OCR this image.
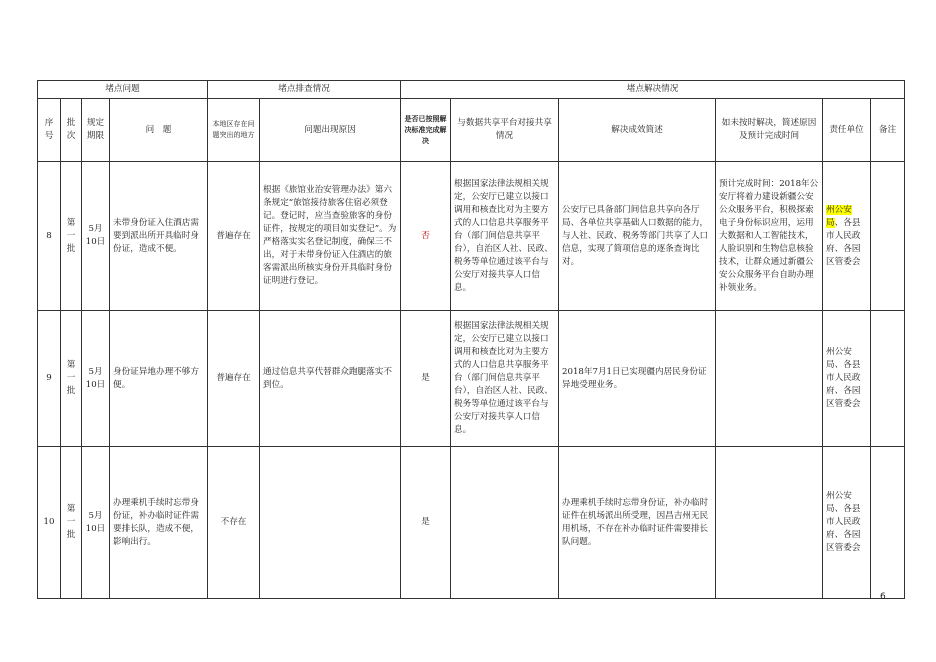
堵点问题				堵点排查情况		堵点解决情况					
序号	批次	规定期限	问　题	本地区存在问题突出的地方	问题出现原因	是否已按照解决标准完成解决	与数据共享平台对接共享情况	解决成效简述	如未按时解决，简述原因及预计完成时间	责任单位	备注
8	第一批	5月10日	未带身份证入住酒店需要到派出所开具临时身份证，造成不便。	普遍存在	根据《旅馆业治安管理办法》第六条规定“旅馆接待旅客住宿必须登记。登记时，应当查验旅客的身份证件，按规定的项目如实登记”。为严格落实实名登记制度，确保三不出，对于未带身份证入住酒店的旅客需派出所核实身份开具临时身份证明进行登记。	否	根据国家法律法规相关规定，公安厅已建立以接口调用和核查比对为主要方式的人口信息共享服务平台（部门间信息共享平台），自治区人社、民政、税务等单位通过该平台与公安厅对接共享人口信息。	公安厅已具备部门间信息共享向各厅局、各单位共享基础人口数据的能力，与人社、民政、税务等部门共享了人口信息，实现了简项信息的逐条查询比对。	预计完成时间：2018年公安厅将着力建设新疆公安公众服务平台，积极探索电子身份标识应用，运用大数据和人工智能技术，人脸识别和生物信息核验技术，让群众通过新疆公安公众服务平台自助办理补领业务。	州公安局、各县市人民政府、各园区管委会	
9	第一批	5月10日	身份证异地办理不够方便。	普遍存在	通过信息共享代替群众跑腿落实不到位。	是	根据国家法律法规相关规定，公安厅已建立以接口调用和核查比对为主要方式的人口信息共享服务平台（部门间信息共享平台），自治区人社、民政、税务等单位通过该平台与公安厅对接共享人口信息。	2018年7月1日已实现疆内居民身份证异地受理业务。		州公安局、各县市人民政府、各园区管委会	
10	第一批	5月10日	办理乘机手续时忘带身份证，补办临时证件需要排长队，造成不便，影响出行。	不存在		是		办理乘机手续时忘带身份证，补办临时证件在机场派出所受理，因昌吉州无民用机场，不存在补办临时证件需要排长队问题。		州公安局、各县市人民政府、各园区管委会	
6
